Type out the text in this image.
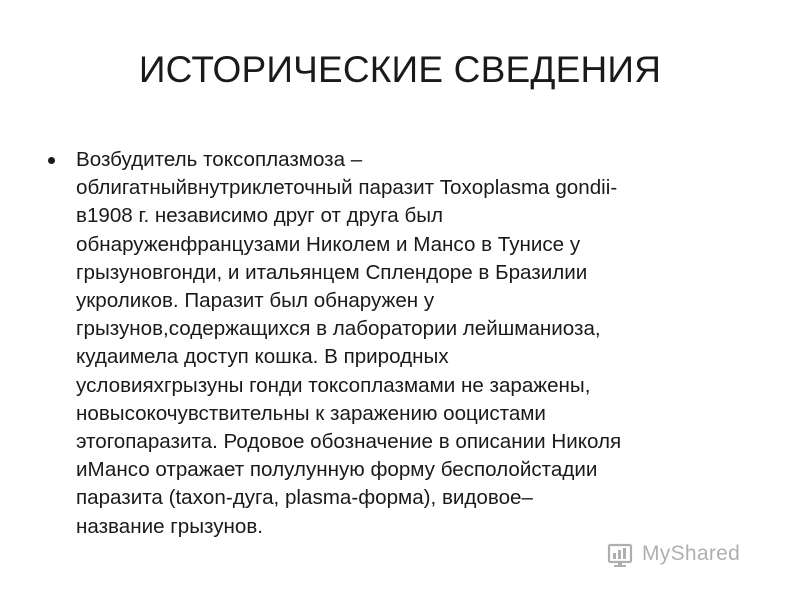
ИСТОРИЧЕСКИЕ СВЕДЕНИЯ
Возбудитель токсоплазмоза –
облигатныйвнутриклеточный паразит Toxoplasma gondii-
в1908 г. независимо друг от друга был
обнаруженфранцузами Николем и Мансо в Тунисе у
грызуновгонди, и итальянцем Сплендоре в Бразилии
укроликов. Паразит был обнаружен у
грызунов,содержащихся в лаборатории лейшманиоза,
кудаимела доступ кошка. В природных
условияхгрызуны гонди токсоплазмами не заражены,
новысокочувствительны к заражению ооцистами
этогопаразита. Родовое обозначение в описании Николя
иМансо отражает полулунную форму бесполойстадии
паразита (taxon-дуга, plasma-форма), видовое–
название грызунов.
MyShared
